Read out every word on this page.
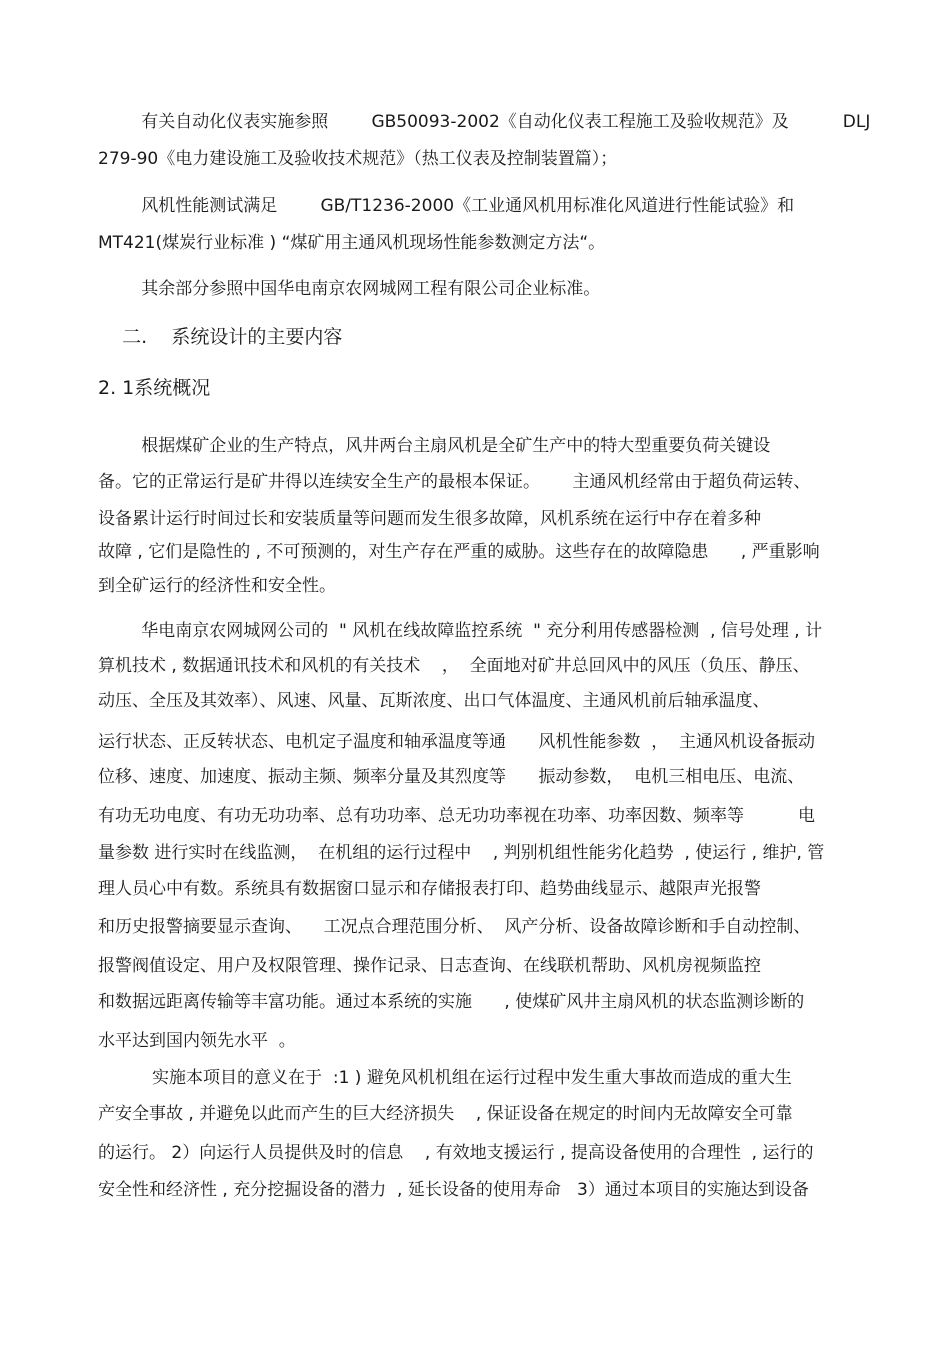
有关自动化仪表实施参照        GB50093-2002《自动化仪表工程施工及验收规范》及          DLJ
279-90《电力建设施工及验收技术规范》（热工仪表及控制装置篇）；
风机性能测试满足        GB/T1236-2000《工业通风机用标准化风道进行性能试验》和
MT421(煤炭行业标准 ) “煤矿用主通风机现场性能参数测定方法“。
其余部分参照中国华电南京农网城网工程有限公司企业标准。
二.    系统设计的主要内容
2. 1系统概况
根据煤矿企业的生产特点，风井两台主扇风机是全矿生产中的特大型重要负荷关键设
备。它的正常运行是矿井得以连续安全生产的最根本保证。      主通风机经常由于超负荷运转、
设备累计运行时间过长和安装质量等问题而发生很多故障，风机系统在运行中存在着多种
故障 , 它们是隐性的 , 不可预测的，对生产存在严重的威胁。这些存在的故障隐患      , 严重影响
到全矿运行的经济性和安全性。
华电南京农网城网公司的  " 风机在线故障监控系统  " 充分利用传感器检测  , 信号处理 , 计
算机技术 , 数据通讯技术和风机的有关技术    ，  全面地对矿井总回风中的风压（负压、静压、
动压、全压及其效率）、风速、风量、瓦斯浓度、出口气体温度、主通风机前后轴承温度、
运行状态、正反转状态、电机定子温度和轴承温度等通      风机性能参数  ，  主通风机设备振动
位移、速度、加速度、振动主频、频率分量及其烈度等      振动参数，  电机三相电压、电流、
有功无功电度、有功无功功率、总有功功率、总无功功率视在功率、功率因数、频率等          电
量参数 进行实时在线监测，  在机组的运行过程中    , 判别机组性能劣化趋势  , 使运行 , 维护, 管
理人员心中有数。系统具有数据窗口显示和存储报表打印、趋势曲线显示、越限声光报警
和历史报警摘要显示查询、    工况点合理范围分析、  风产分析、设备故障诊断和手自动控制、
报警阀值设定、用户及权限管理、操作记录、日志查询、在线联机帮助、风机房视频监控
和数据远距离传输等丰富功能。通过本系统的实施      , 使煤矿风井主扇风机的状态监测诊断的
水平达到国内领先水平  。
实施本项目的意义在于  :1 ) 避免风机机组在运行过程中发生重大事故而造成的重大生
产安全事故 , 并避免以此而产生的巨大经济损失    , 保证设备在规定的时间内无故障安全可靠
的运行。 2）向运行人员提供及时的信息    , 有效地支援运行 , 提高设备使用的合理性  , 运行的
安全性和经济性 , 充分挖掘设备的潜力  , 延长设备的使用寿命   3）通过本项目的实施达到设备
